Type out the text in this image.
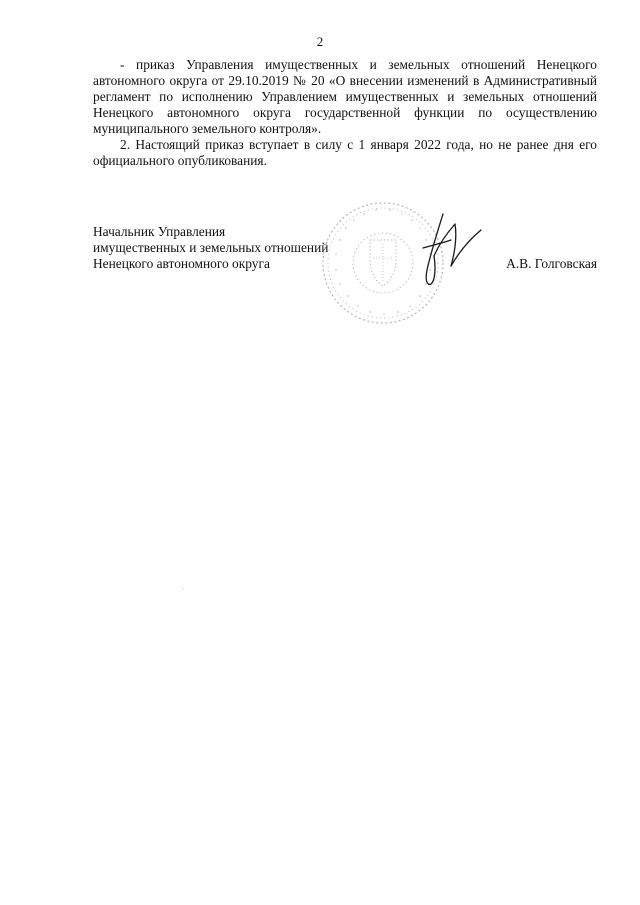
2

- приказ Управления имущественных и земельных отношений Ненецкого автономного округа от 29.10.2019 № 20 «О внесении изменений в Административный регламент по исполнению Управлением имущественных и земельных отношений Ненецкого автономного округа государственной функции по осуществлению муниципального земельного контроля».

2. Настоящий приказ вступает в силу с 1 января 2022 года, но не ранее дня его официального опубликования.

Начальник Управления
имущественных и земельных отношений
Ненецкого автономного округа	А.В. Голговская
